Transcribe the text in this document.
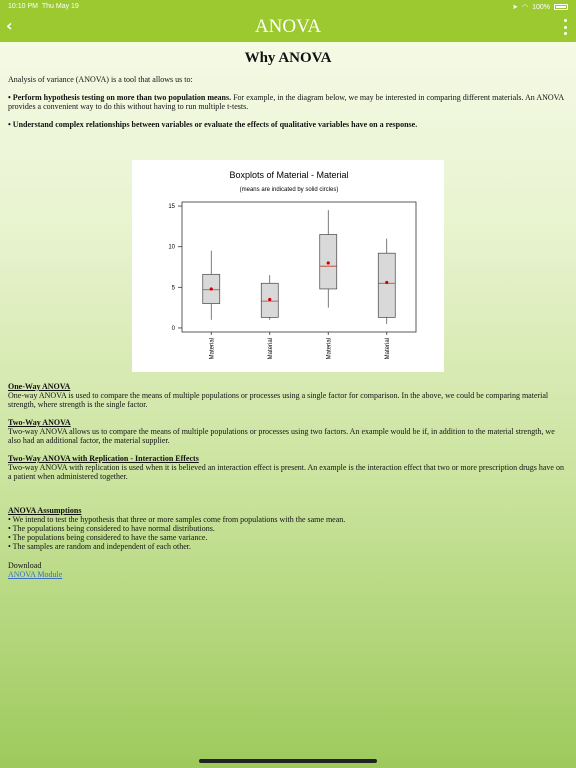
10:10 PM Thu May 19	➤ ◠ 100%
‹	ANOVA
Why ANOVA

Analysis of variance (ANOVA) is a tool that allows us to:

• Perform hypothesis testing on more than two population means. For example, in the diagram below, we may be interested in comparing different materials. An ANOVA provides a convenient way to do this without having to run multiple t-tests.

• Understand complex relationships between variables or evaluate the effects of qualitative variables have on a response.

Boxplots of Material - Material
(means are indicated by solid circles)
0
5
10
15
Material	Material	Material	Material
One-Way ANOVA
One-way ANOVA is used to compare the means of multiple populations or processes using a single factor for comparison. In the above, we could be comparing material strength, where strength is the single factor.
Two-Way ANOVA
Two-way ANOVA allows us to compare the means of multiple populations or processes using two factors. An example would be if, in addition to the material strength, we also had an additional factor, the material supplier.
Two-Way ANOVA with Replication - Interaction Effects
Two-way ANOVA with replication is used when it is believed an interaction effect is present. An example is the interaction effect that two or more prescription drugs have on a patient when administered together.
ANOVA Assumptions
• We intend to test the hypothesis that three or more samples come from populations with the same mean.
• The populations being considered to have normal distributions.
• The populations being considered to have the same variance.
• The samples are random and independent of each other.
Download
ANOVA Module
